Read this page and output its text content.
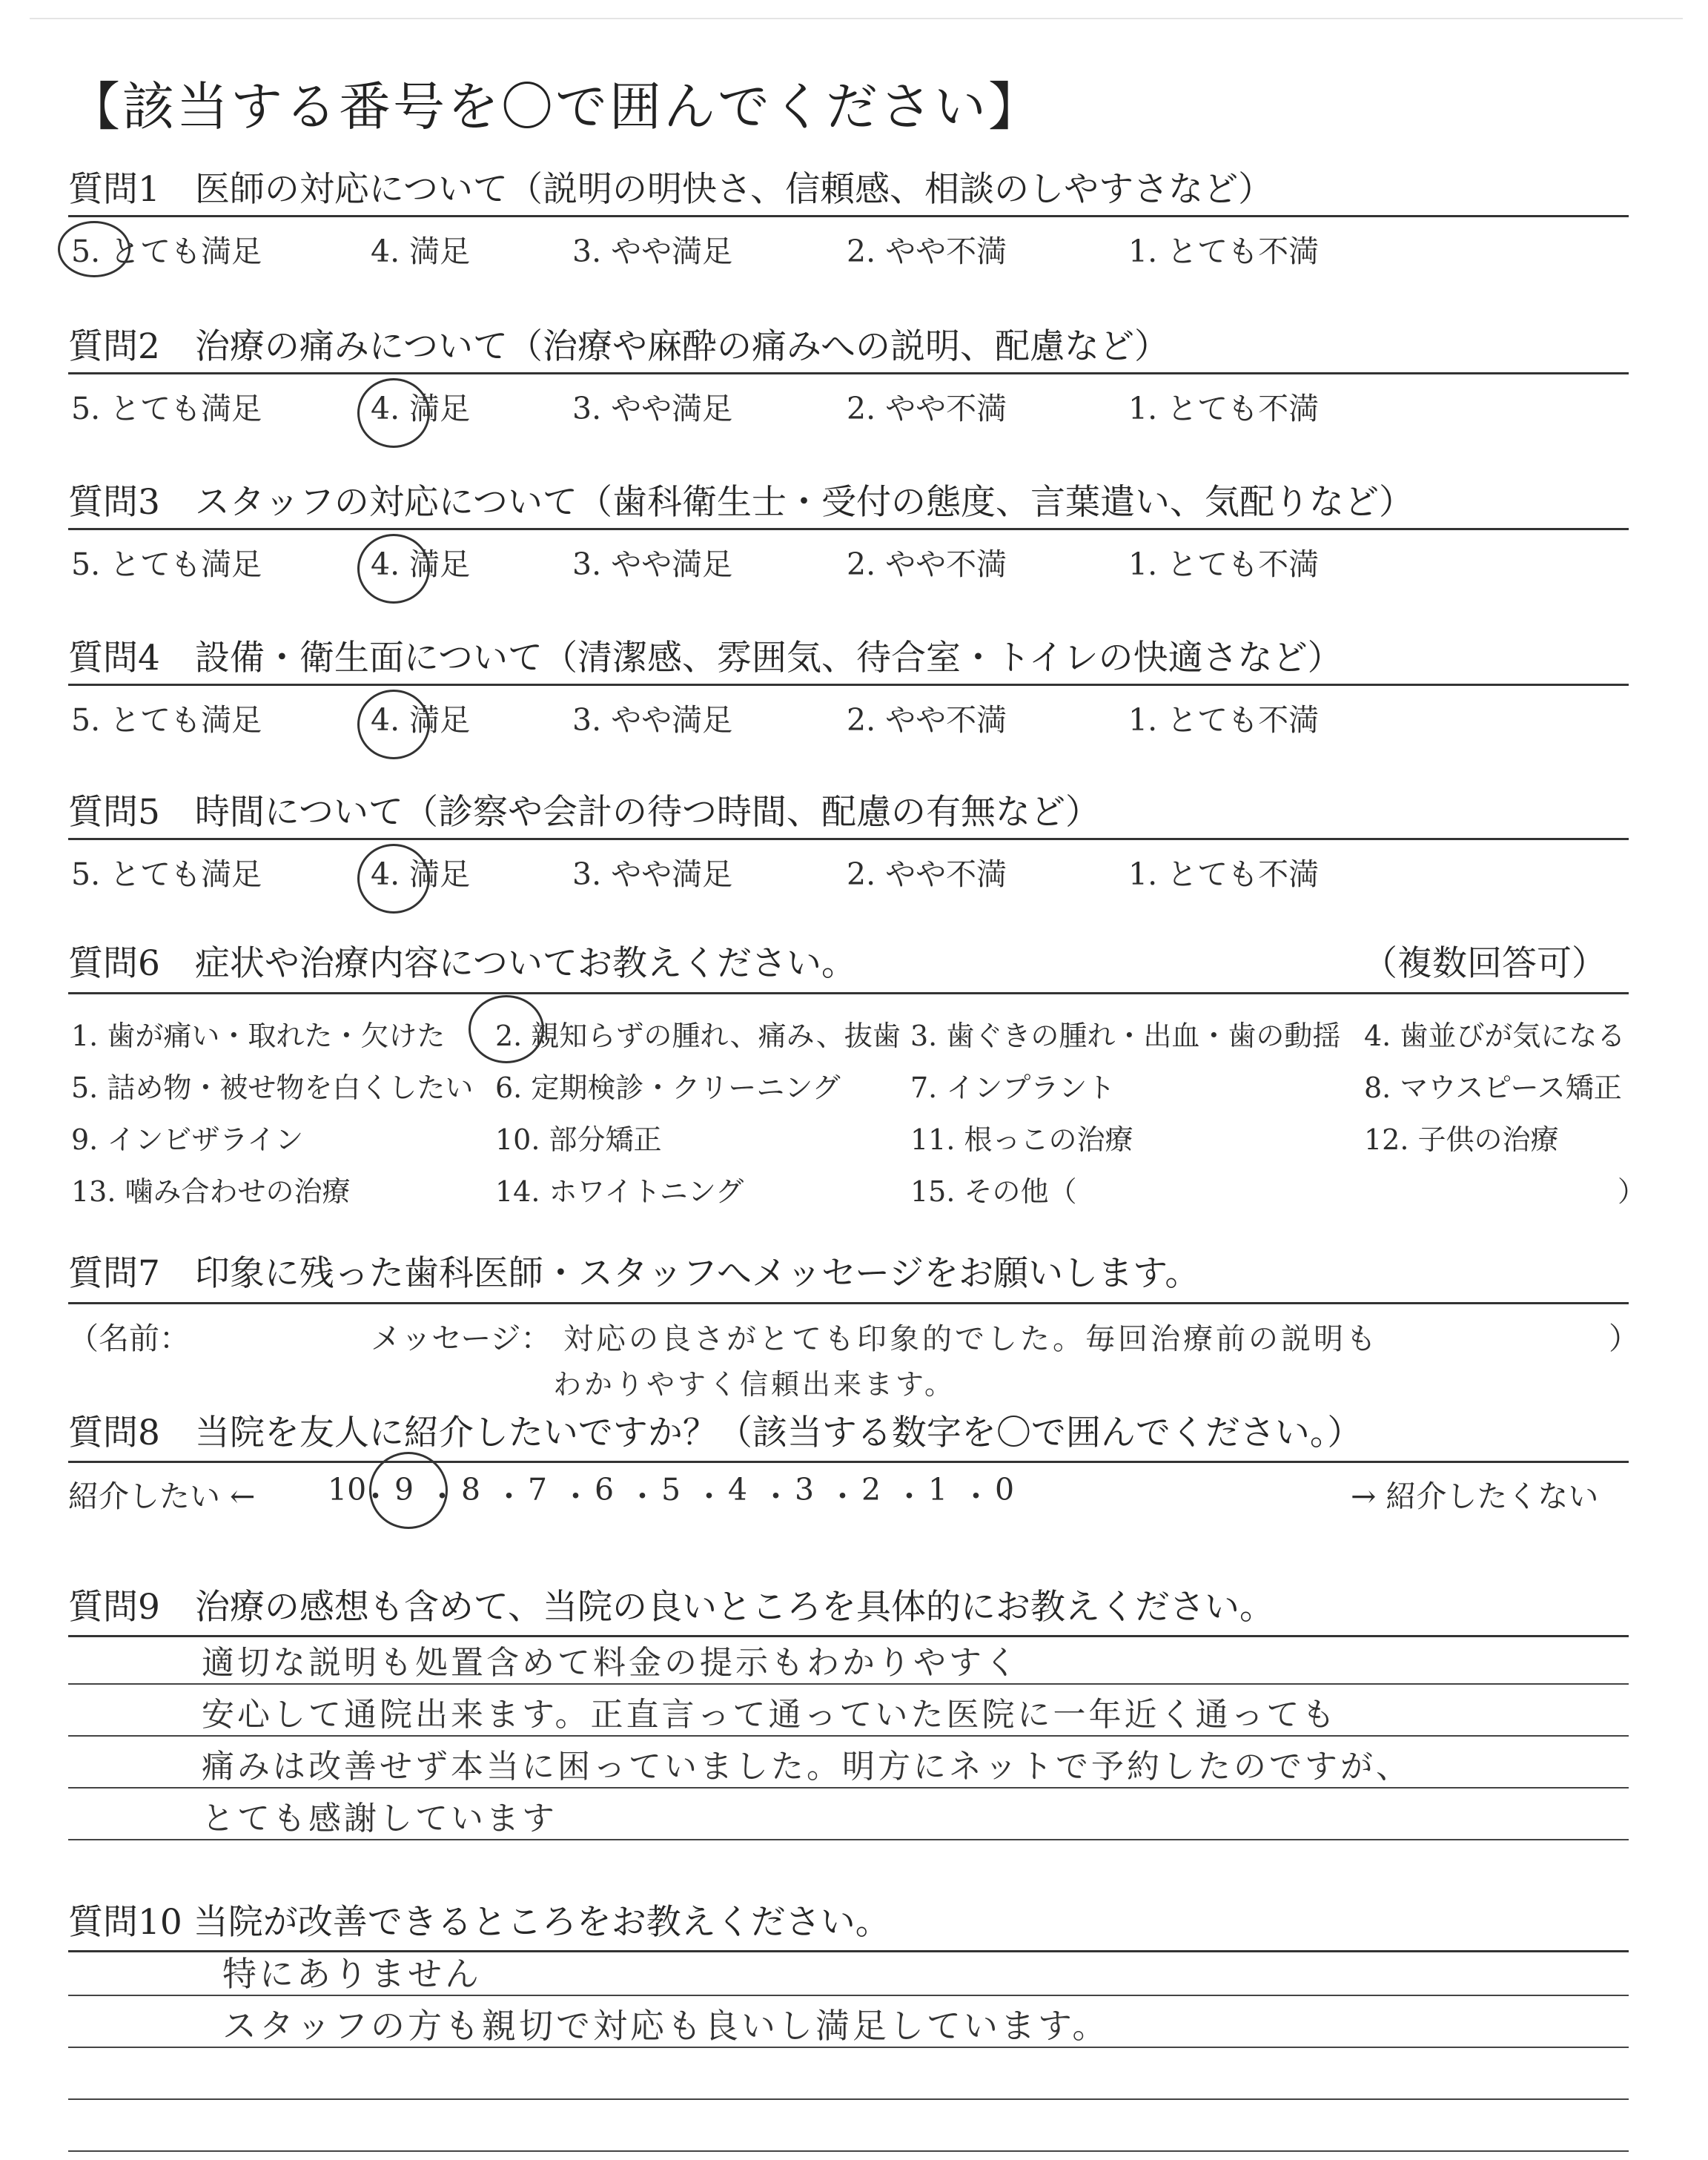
【該当する番号を〇で囲んでください】
質問6　症状や治療内容についてお教えください。	（複数回答可）
質問7　印象に残った歯科医師・スタッフへメッセージをお願いします。
（名前：	メッセージ： 対応の良さがとても印象的でした。毎回治療前の説明も
わかりやすく信頼出来ます。
）
質問8　当院を友人に紹介したいですか？（該当する数字を〇で囲んでください。）
紹介したい ←	→ 紹介したくない
質問9　治療の感想も含めて、当院の良いところを具体的にお教えください。
質問10 当院が改善できるところをお教えください。
質問1　医師の対応について（説明の明快さ、信頼感、相談のしやすさなど）
5. とても満足	4. 満足	3. やや満足	2. やや不満	1. とても不満
質問2　治療の痛みについて（治療や麻酔の痛みへの説明、配慮など）
5. とても満足	4. 満足	3. やや満足	2. やや不満	1. とても不満
質問3　スタッフの対応について（歯科衛生士・受付の態度、言葉遣い、気配りなど）
5. とても満足	4. 満足	3. やや満足	2. やや不満	1. とても不満
質問4　設備・衛生面について（清潔感、雰囲気、待合室・トイレの快適さなど）
5. とても満足	4. 満足	3. やや満足	2. やや不満	1. とても不満
質問5　時間について（診察や会計の待つ時間、配慮の有無など）
5. とても満足	4. 満足	3. やや満足	2. やや不満	1. とても不満
1. 歯が痛い・取れた・欠けた 2. 親知らずの腫れ、痛み、抜歯 3. 歯ぐきの腫れ・出血・歯の動揺 4. 歯並びが気になる
5. 詰め物・被せ物を白くしたい 6. 定期検診・クリーニング 7. インプラント	8. マウスピース矯正
9. インビザライン	10. 部分矯正	11. 根っこの治療	12. 子供の治療
13. 噛み合わせの治療	14. ホワイトニング	15. その他（	）
10
・ 9 ・ 8 ・ 7 ・ 6 ・ 5 ・ 4 ・ 3 ・ 2 ・ 1 ・ 0
適切な説明も処置含めて料金の提示もわかりやすく
安心して通院出来ます。正直言って通っていた医院に一年近く通っても
痛みは改善せず本当に困っていました。明方にネットで予約したのですが、
とても感謝しています
特にありません
スタッフの方も親切で対応も良いし満足しています。
